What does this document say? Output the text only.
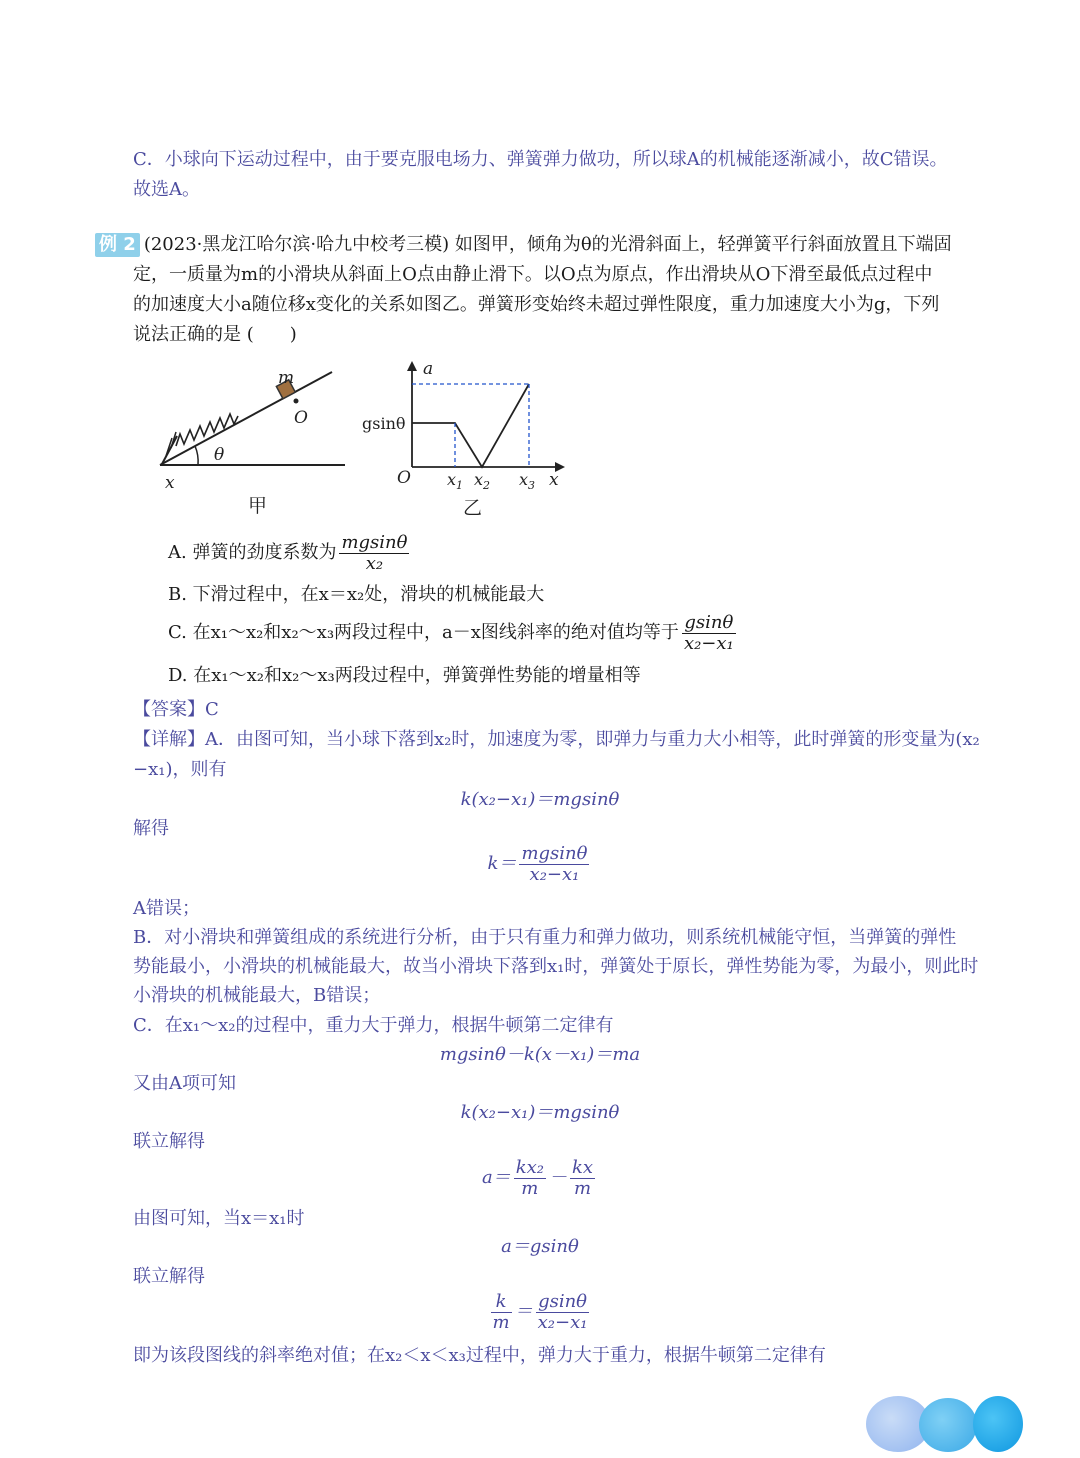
C．小球向下运动过程中，由于要克服电场力、弹簧弹力做功，所以球A的机械能逐渐减小，故C错误。
故选A。
例 2 (2023·黑龙江哈尔滨·哈九中校考三模) 如图甲，倾角为θ的光滑斜面上，轻弹簧平行斜面放置且下端固
定，一质量为m的小滑块从斜面上O点由静止滑下。以O点为原点，作出滑块从O下滑至最低点过程中
的加速度大小a随位移x变化的关系如图乙。弹簧形变始终未超过弹性限度，重力加速度大小为g，下列
说法正确的是 (　　)
m
O
θ
x
甲
a
gsinθ
O $x_1$ $x_2$ $x_3$ x
乙
A. 弹簧的劲度系数为 $\frac{mgsin\theta}{\text{x₂}}$
B. 下滑过程中，在x＝x₂处，滑块的机械能最大
C. 在x₁～x₂和x₂～x₃两段过程中，a－x图线斜率的绝对值均等于 $\frac{gsin\theta}{\text{x₂−x₁}}$
D. 在x₁～x₂和x₂～x₃两段过程中，弹簧弹性势能的增量相等
【答案】C
【详解】A．由图可知，当小球下落到x₂时，加速度为零，即弹力与重力大小相等，此时弹簧的形变量为(x₂
−x₁)，则有
k(x₂−x₁)＝mgsinθ
解得
$k= \frac{mgsin\theta}{\text{x₂−x₁}}$
A错误；
B．对小滑块和弹簧组成的系统进行分析，由于只有重力和弹力做功，则系统机械能守恒，当弹簧的弹性
势能最小，小滑块的机械能最大，故当小滑块下落到x₁时，弹簧处于原长，弹性势能为零，为最小，则此时
小滑块的机械能最大，B错误；
C．在x₁～x₂的过程中，重力大于弹力，根据牛顿第二定律有
mgsinθ－k(x－x₁)＝ma
又由A项可知
k(x₂−x₁)＝mgsinθ
联立解得
$a= \frac{\text{kx₂}}{m} - \frac{kx}{m}$
由图可知，当x＝x₁时
a＝gsinθ
联立解得
$\frac{k}{m} = \frac{gsin\theta}{\text{x₂−x₁}}$
即为该段图线的斜率绝对值；在x₂＜x＜x₃过程中，弹力大于重力，根据牛顿第二定律有
